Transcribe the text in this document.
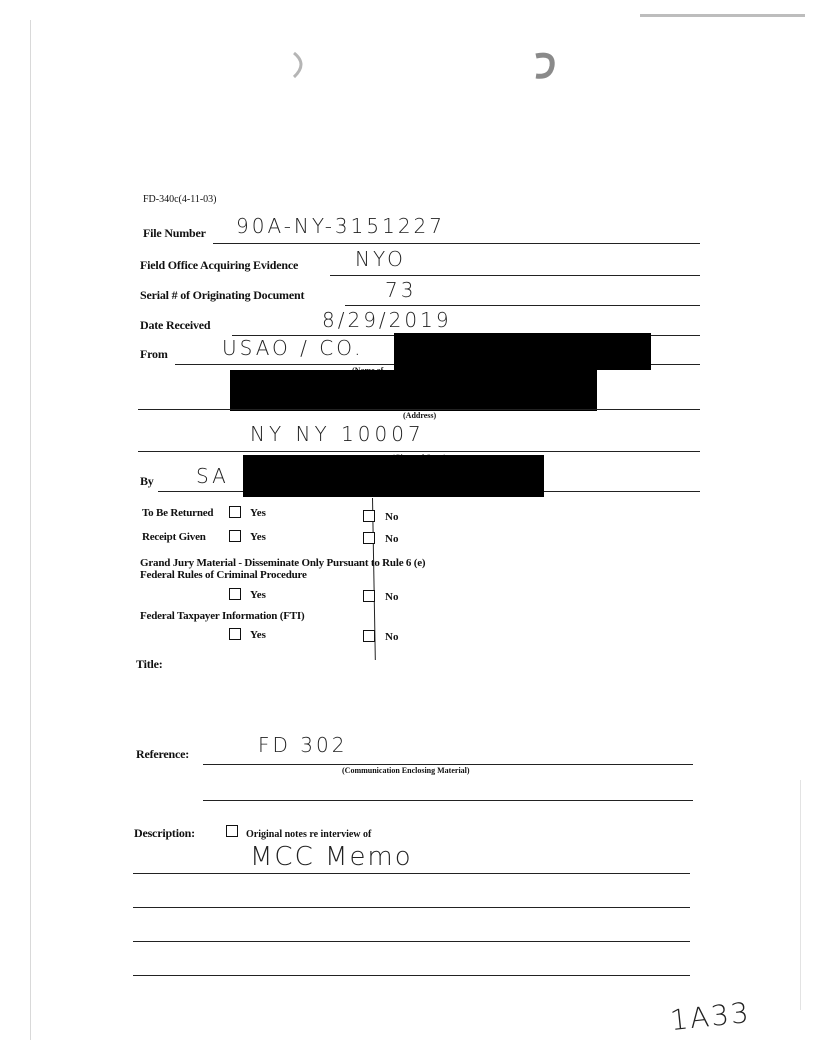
FD-340c(4-11-03)
File Number 90A-NY-3151227
Field Office Acquiring Evidence	NYO
Serial # of Originating Document	73
Date Received	8/29/2019
From	USAO / CO.
(Address)
NY NY 10007
By SA
To Be Returned	Yes	No
Receipt Given	Yes	No
Grand Jury Material - Disseminate Only Pursuant to Rule 6 (e)
Federal Rules of Criminal Procedure
Yes	No
Federal Taxpayer Information (FTI)
Yes	No
Title:
Reference:	FD 302
(Communication Enclosing Material)
Description:	Original notes re interview of
MCC Memo
1A33
